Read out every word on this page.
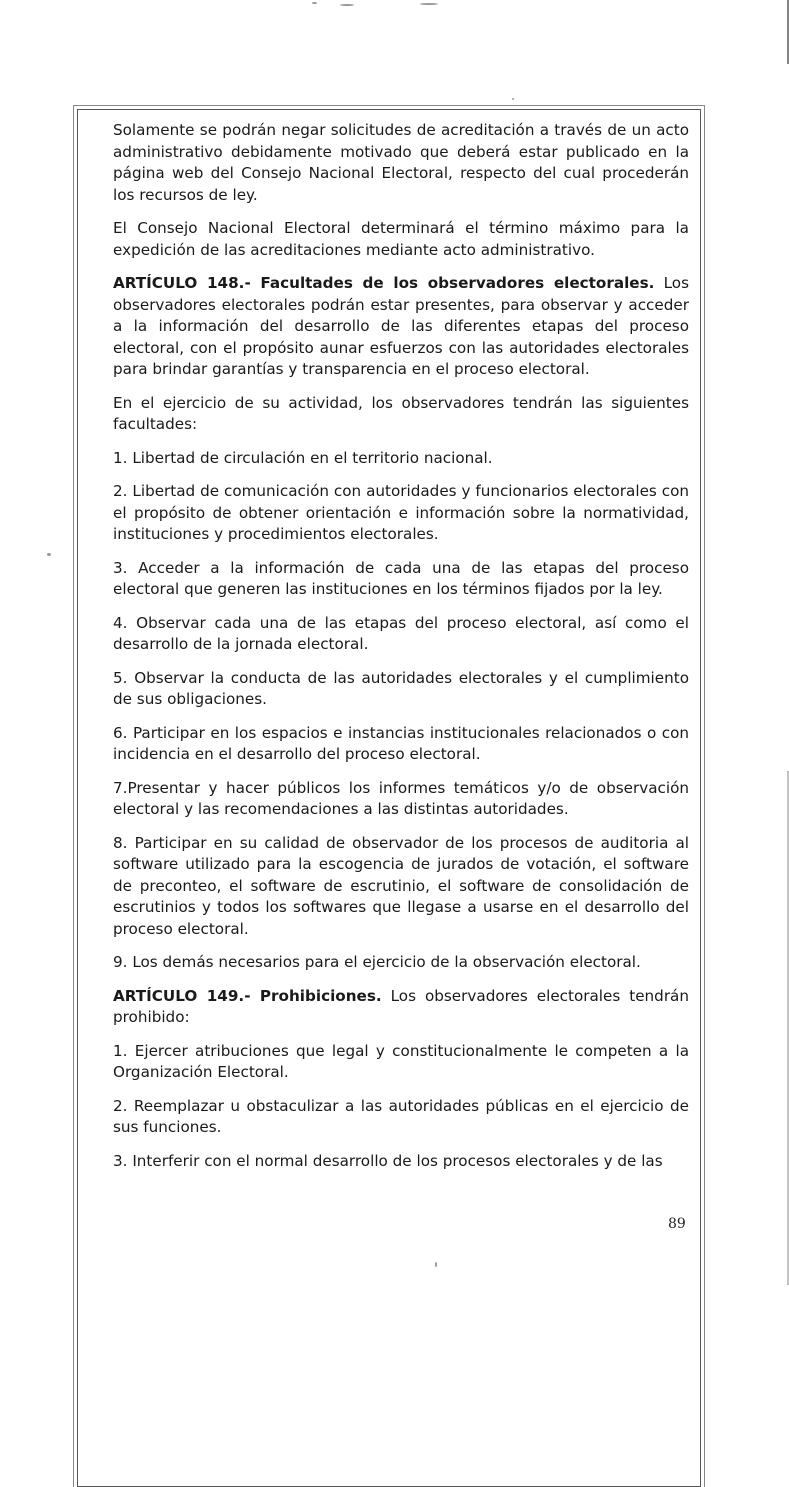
Solamente se podrán negar solicitudes de acreditación a través de un acto administrativo debidamente motivado que deberá estar publicado en la página web del Consejo Nacional Electoral, respecto del cual procederán los recursos de ley.

El Consejo Nacional Electoral determinará el término máximo para la expedición de las acreditaciones mediante acto administrativo.

ARTÍCULO 148.- Facultades de los observadores electorales. Los observadores electorales podrán estar presentes, para observar y acceder a la información del desarrollo de las diferentes etapas del proceso electoral, con el propósito aunar esfuerzos con las autoridades electorales para brindar garantías y transparencia en el proceso electoral.

En el ejercicio de su actividad, los observadores tendrán las siguientes facultades:

1. Libertad de circulación en el territorio nacional.

2. Libertad de comunicación con autoridades y funcionarios electorales con el propósito de obtener orientación e información sobre la normatividad, instituciones y procedimientos electorales.

3. Acceder a la información de cada una de las etapas del proceso electoral que generen las instituciones en los términos fijados por la ley.

4. Observar cada una de las etapas del proceso electoral, así como el desarrollo de la jornada electoral.

5. Observar la conducta de las autoridades electorales y el cumplimiento de sus obligaciones.

6. Participar en los espacios e instancias institucionales relacionados o con incidencia en el desarrollo del proceso electoral.

7.Presentar y hacer públicos los informes temáticos y/o de observación electoral y las recomendaciones a las distintas autoridades.

8. Participar en su calidad de observador de los procesos de auditoria al software utilizado para la escogencia de jurados de votación, el software de preconteo, el software de escrutinio, el software de consolidación de escrutinios y todos los softwares que llegase a usarse en el desarrollo del proceso electoral.

9. Los demás necesarios para el ejercicio de la observación electoral.

ARTÍCULO 149.- Prohibiciones. Los observadores electorales tendrán prohibido:

1. Ejercer atribuciones que legal y constitucionalmente le competen a la Organización Electoral.

2. Reemplazar u obstaculizar a las autoridades públicas en el ejercicio de sus funciones.

3. Interferir con el normal desarrollo de los procesos electorales y de las

89
